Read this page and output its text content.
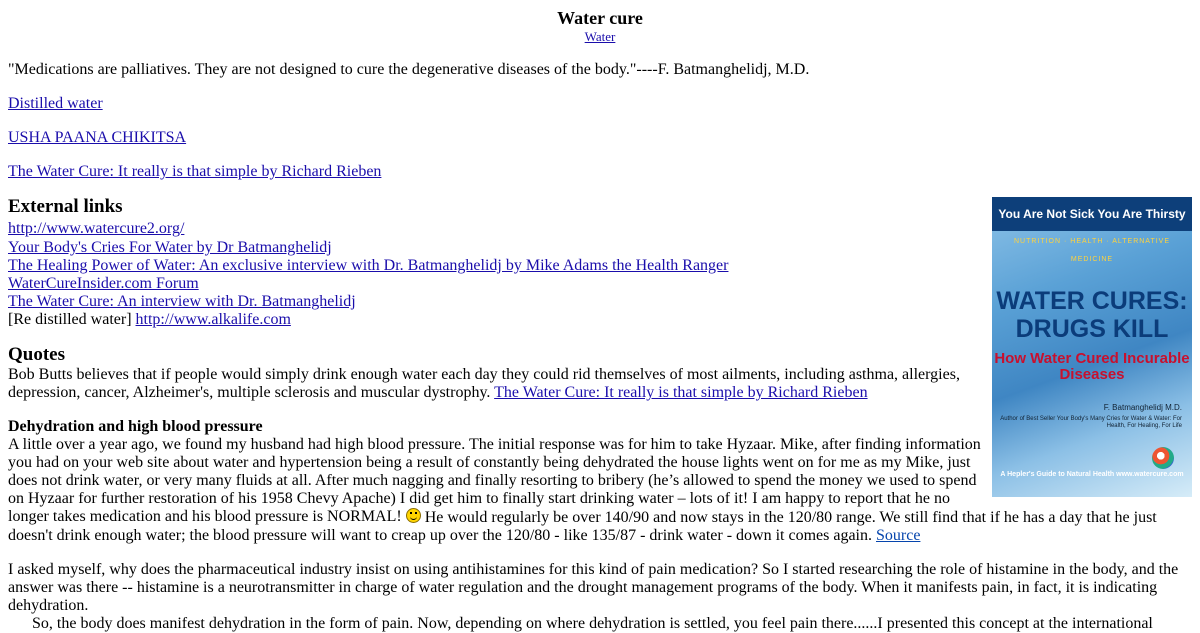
Water cure
Water
"Medications are palliatives. They are not designed to cure the degenerative diseases of the body."----F. Batmanghelidj, M.D.
Distilled water
USHA PAANA CHIKITSA
The Water Cure: It really is that simple by Richard Rieben
External links
http://www.watercure2.org/
Your Body's Cries For Water by Dr Batmanghelidj
The Healing Power of Water: An exclusive interview with Dr. Batmanghelidj by Mike Adams the Health Ranger
WaterCureInsider.com Forum
The Water Cure: An interview with Dr. Batmanghelidj
[Re distilled water] http://www.alkalife.com
Quotes
Bob Butts believes that if people would simply drink enough water each day they could rid themselves of most ailments, including asthma, allergies, depression, cancer, Alzheimer's, multiple sclerosis and muscular dystrophy. The Water Cure: It really is that simple by Richard Rieben
Dehydration and high blood pressure
A little over a year ago, we found my husband had high blood pressure. The initial response was for him to take Hyzaar. Mike, after finding information you had on your web site about water and hypertension being a result of constantly being dehydrated the house lights went on for me as my Mike, just does not drink water, or very many fluids at all. After much nagging and finally resorting to bribery (he’s allowed to spend the money we used to spend on Hyzaar for further restoration of his 1958 Chevy Apache) I did get him to finally start drinking water – lots of it! I am happy to report that he no longer takes medication and his blood pressure is NORMAL!	He would regularly be over 140/90 and now stays in the 120/80 range. We still find that if he has a day that he just doesn't drink enough water; the blood pressure will want to creap up over the 120/80 - like 135/87 - drink water - down it comes again. Source
I asked myself, why does the pharmaceutical industry insist on using antihistamines for this kind of pain medication? So I started researching the role of histamine in the body, and the answer was there -- histamine is a neurotransmitter in charge of water regulation and the drought management programs of the body. When it manifests pain, in fact, it is indicating dehydration.
So, the body does manifest dehydration in the form of pain. Now, depending on where dehydration is settled, you feel pain there......I presented this concept at the international
You Are Not Sick You Are Thirsty
NUTRITION · HEALTH · ALTERNATIVE MEDICINE
WATER CURES: DRUGS KILL
How Water Cured Incurable Diseases
F. Batmanghelidj M.D.
Author of Best Seller Your Body's Many Cries for Water & Water: For Health, For Healing, For Life
A Hepler's Guide to Natural Health www.watercure.com
